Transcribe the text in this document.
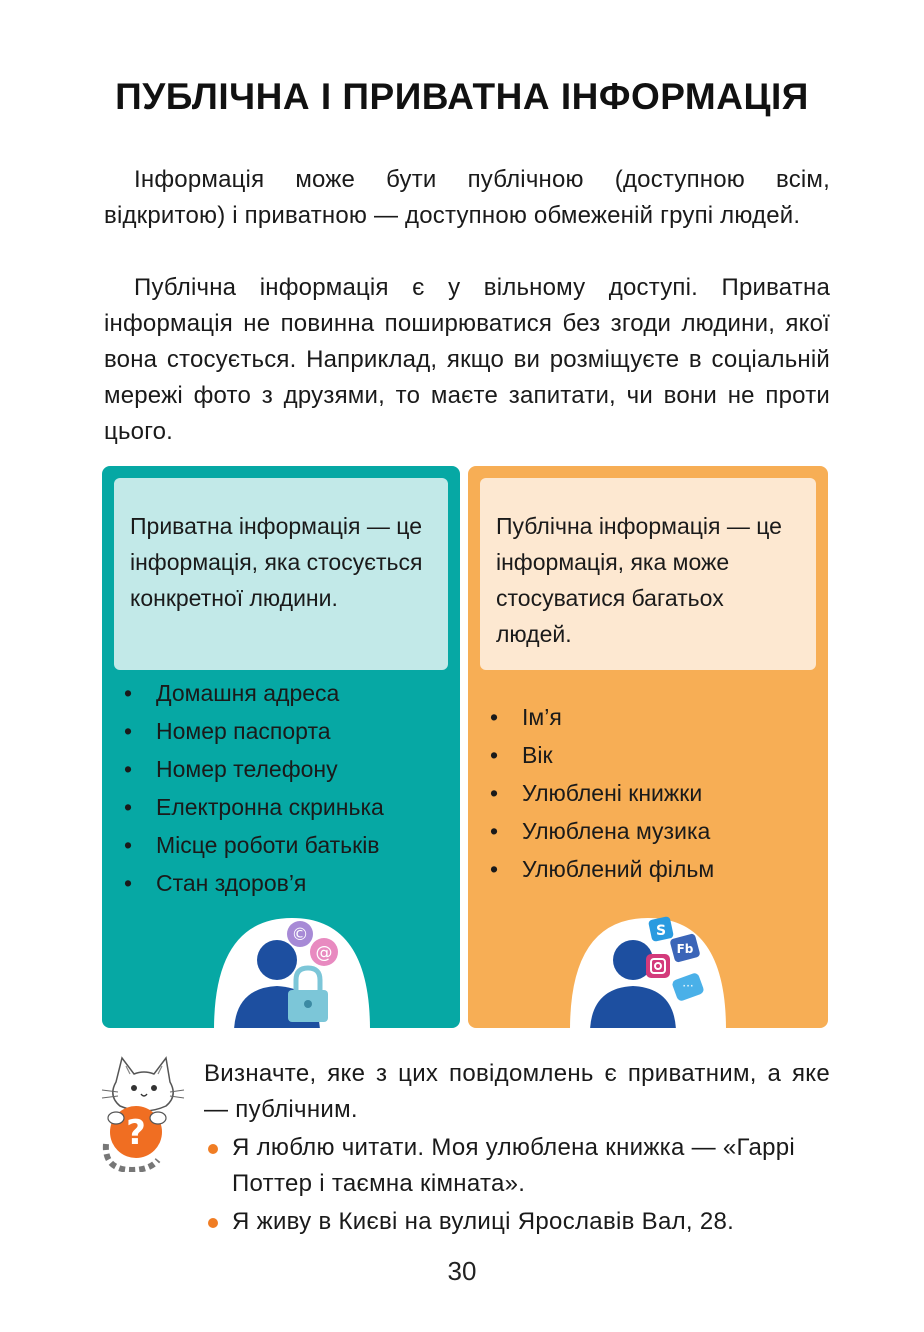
ПУБЛІЧНА І ПРИВАТНА ІНФОРМАЦІЯ

Інформація може бути публічною (доступною всім, відкритою) і приватною — доступною обмеженій групі людей.

Публічна інформація є у вільному доступі. Приватна інформація не повинна поширюватися без згоди людини, якої вона стосується. Наприклад, якщо ви розміщуєте в соціальній мережі фото з друзями, то маєте запитати, чи вони не проти цього.

Приватна інформація — це інформація, яка стосується конкретної людини.
• Домашня адреса
• Номер паспорта
• Номер телефону
• Електронна скринька
• Місце роботи батьків
• Стан здоров’я
©
@
Публічна інформація — це інформація, яка може стосуватися багатьох людей.
• Ім’я
• Вік
• Улюблені книжки
• Улюблена музика
• Улюблений фільм
S
Fb
···
?

Визначте, яке з цих повідомлень є приватним, а яке — публічним.

Я люблю читати. Моя улюблена книжка — «Гаррі Поттер і таємна кімната».
Я живу в Києві на вулиці Ярославів Вал, 28.
30
